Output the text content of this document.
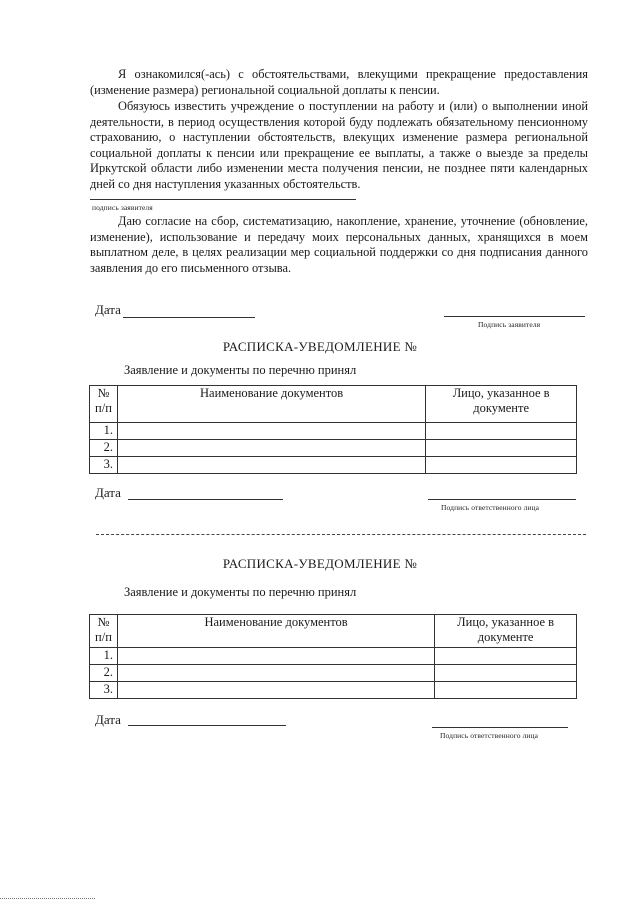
Я ознакомился(-ась) с обстоятельствами, влекущими прекращение предоставления (изменение размера) региональной социальной доплаты к пенсии.

Обязуюсь известить учреждение о поступлении на работу и (или) о выполнении иной деятельности, в период осуществления которой буду подлежать обязательному пенсионному страхованию, о наступлении обстоятельств, влекущих изменение размера региональной социальной доплаты к пенсии или прекращение ее выплаты, а также о выезде за пределы Иркутской области либо изменении места получения пенсии, не позднее пяти календарных дней со дня наступления указанных обстоятельств.

подпись заявителя

Даю согласие на сбор, систематизацию, накопление, хранение, уточнение (обновление, изменение), использование и передачу моих персональных данных, хранящихся в моем выплатном деле, в целях реализации мер социальной поддержки со дня подписания данного заявления до его письменного отзыва.

Дата
Подпись заявителя
РАСПИСКА-УВЕДОМЛЕНИЕ №
Заявление и документы по перечню принял
№
п/п	Наименование документов	Лицо, указанное в документе
1.		
2.		
3.		
Дата
Подпись ответственного лица
РАСПИСКА-УВЕДОМЛЕНИЕ №
Заявление и документы по перечню принял
№
п/п	Наименование документов	Лицо, указанное в документе
1.		
2.		
3.		
Дата
Подпись ответственного лица
